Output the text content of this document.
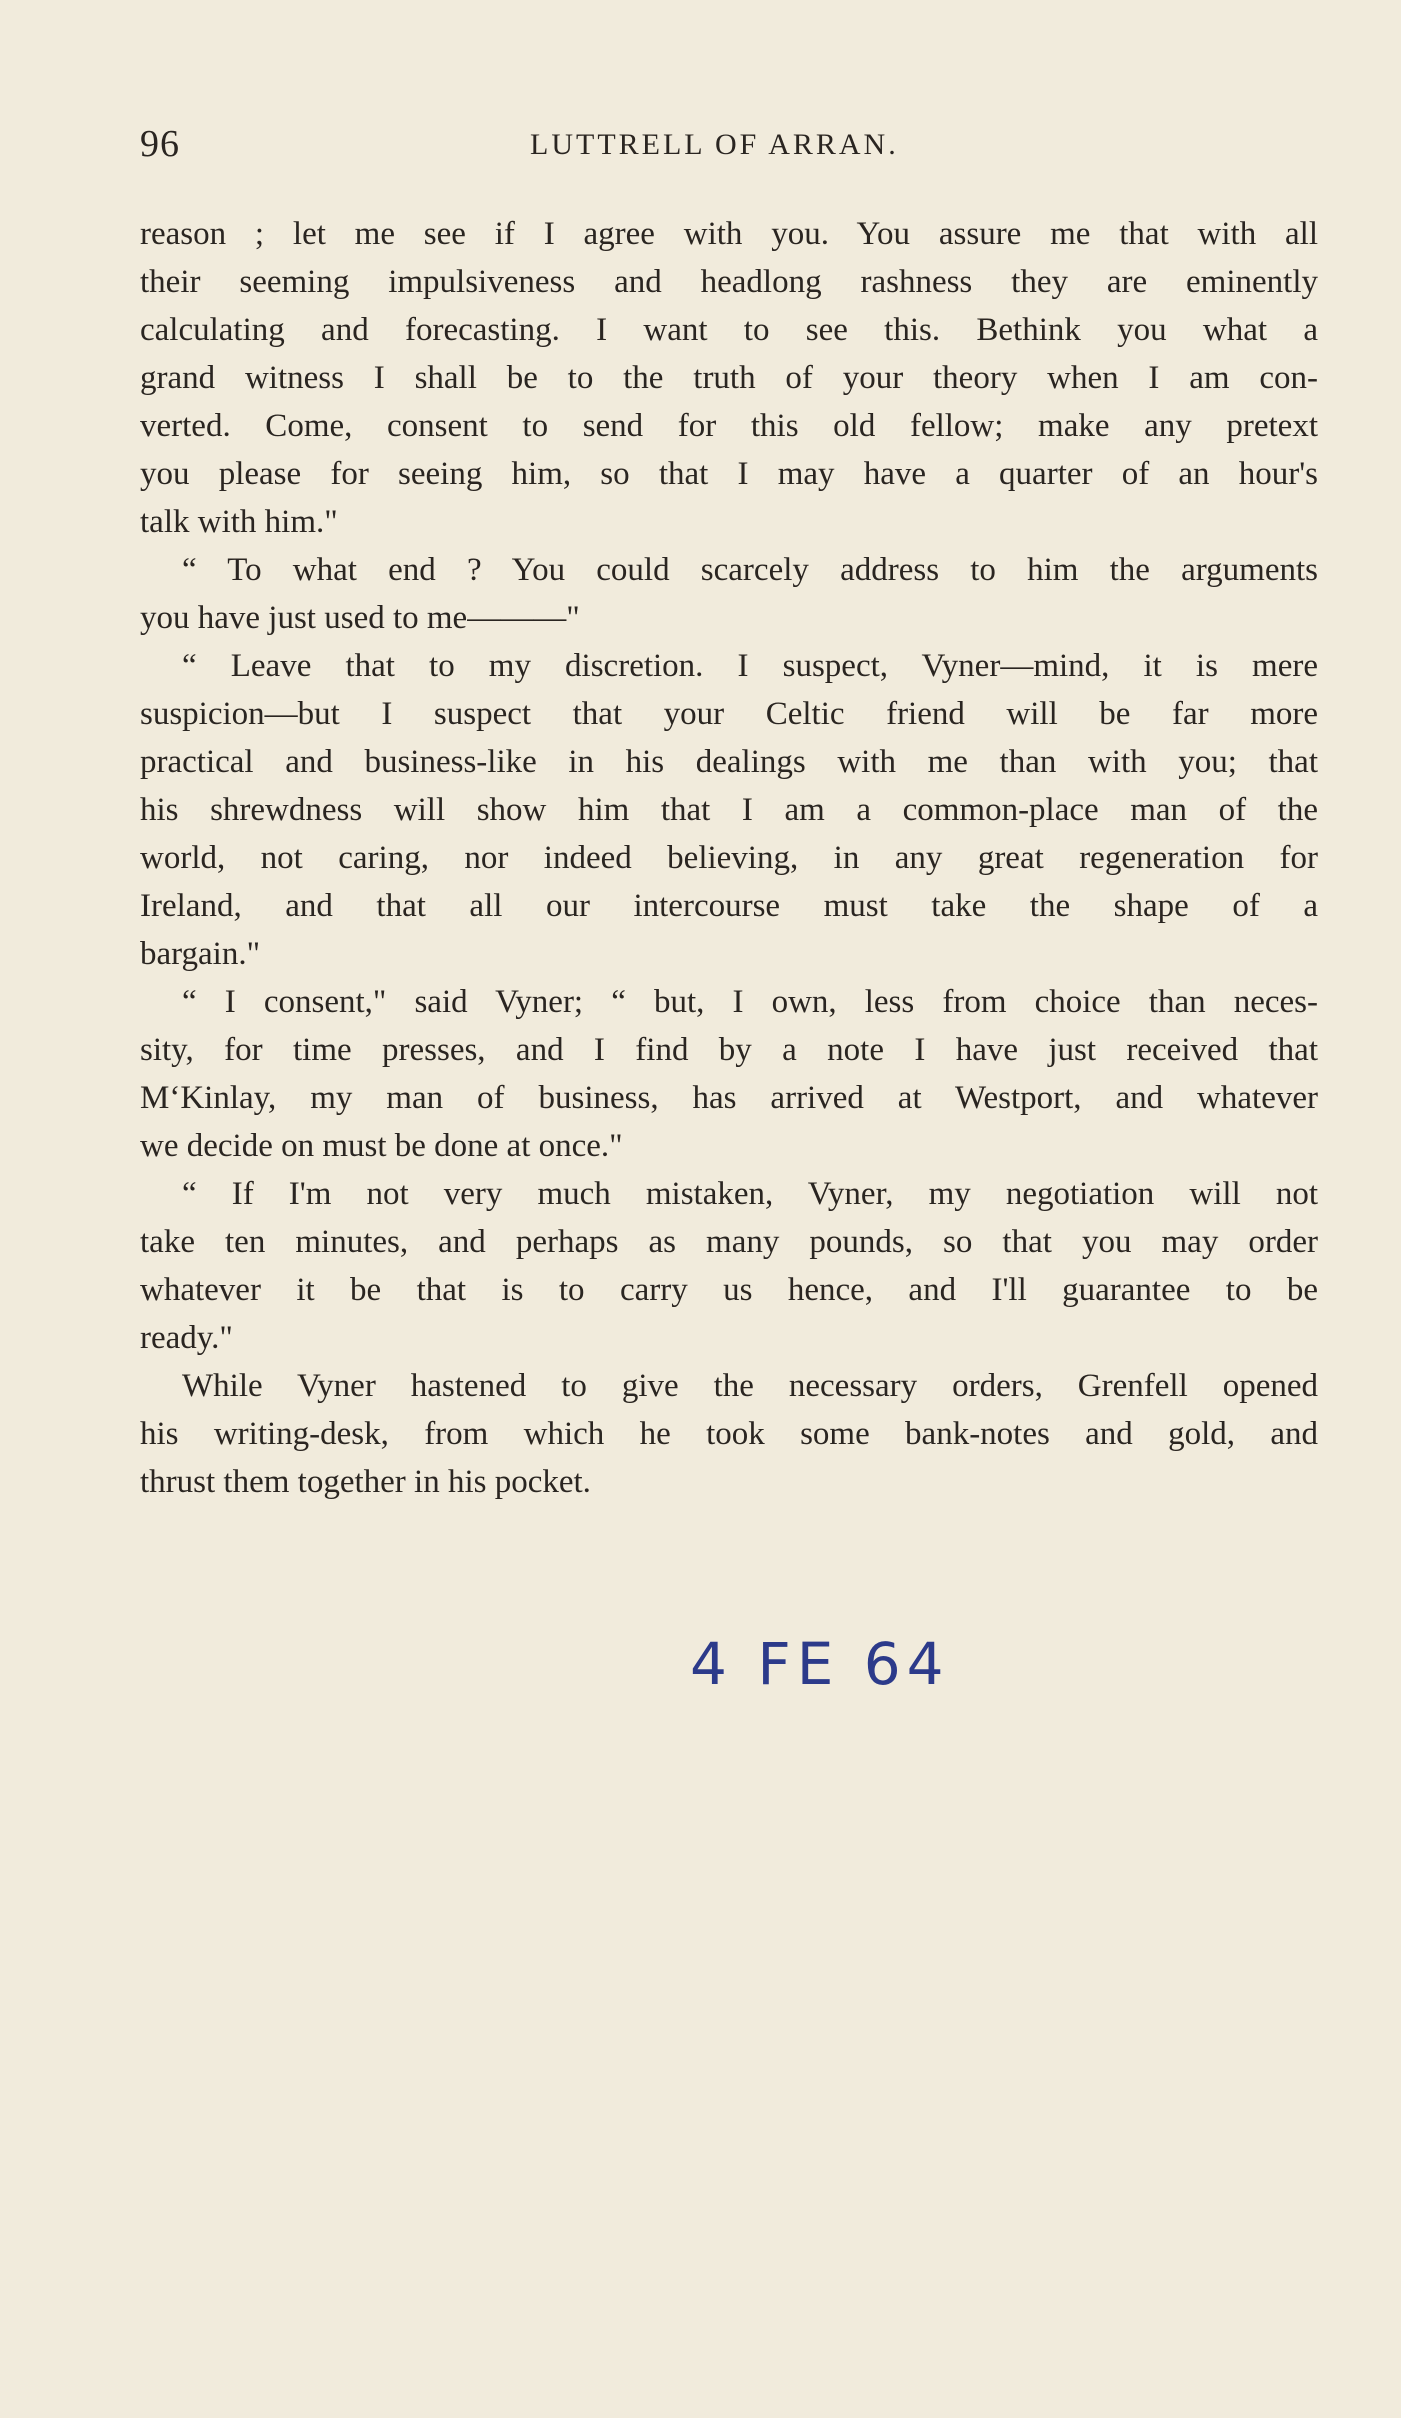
96	LUTTRELL OF ARRAN.
reason ; let me see if I agree with you. You assure me that with all
their seeming impulsiveness and headlong rashness they are eminently
calculating and forecasting. I want to see this. Bethink you what a
grand witness I shall be to the truth of your theory when I am con-
verted. Come, consent to send for this old fellow; make any pretext
you please for seeing him, so that I may have a quarter of an hour's
talk with him."
“ To what end ? You could scarcely address to him the arguments
you have just used to me———"
“ Leave that to my discretion. I suspect, Vyner—mind, it is mere
suspicion—but I suspect that your Celtic friend will be far more
practical and business-like in his dealings with me than with you; that
his shrewdness will show him that I am a common-place man of the
world, not caring, nor indeed believing, in any great regeneration for
Ireland, and that all our intercourse must take the shape of a
bargain."
“ I consent," said Vyner; “ but, I own, less from choice than neces-
sity, for time presses, and I find by a note I have just received that
M‘Kinlay, my man of business, has arrived at Westport, and whatever
we decide on must be done at once."
“ If I'm not very much mistaken, Vyner, my negotiation will not
take ten minutes, and perhaps as many pounds, so that you may order
whatever it be that is to carry us hence, and I'll guarantee to be
ready."
While Vyner hastened to give the necessary orders, Grenfell opened
his writing-desk, from which he took some bank-notes and gold, and
thrust them together in his pocket.
4 FE 64
